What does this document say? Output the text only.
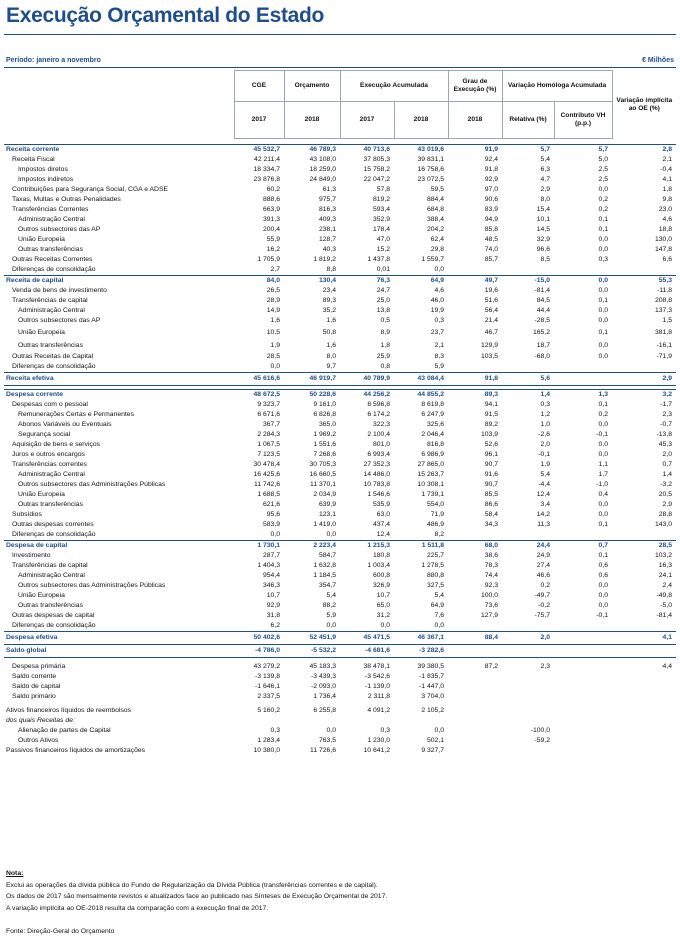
Execução Orçamental do Estado
Período: janeiro a novembro	€ Milhões
	CGE	Orçamento	Execução Acumulada		Grau de Execução (%)	Variação Homóloga Acumulada		Variação implícita ao OE (%)
	2017	2018	2017	2018	2018	Relativa (%)	Contributo VH (p.p.)	
Receita corrente	45 532,7	46 789,3	40 713,6	43 019,6	91,9	5,7	5,7	2,8
Receita Fiscal	42 211,4	43 108,0	37 805,3	39 831,1	92,4	5,4	5,0	2,1
Impostos diretos	18 334,7	18 259,0	15 758,2	16 758,6	91,8	6,3	2,5	-0,4
Impostos indiretos	23 876,8	24 849,0	22 047,2	23 072,5	92,9	4,7	2,5	4,1
Contribuições para Segurança Social, CGA e ADSE	60,2	61,3	57,8	59,5	97,0	2,9	0,0	1,8
Taxas, Multas e Outras Penalidades	888,6	975,7	819,2	884,4	90,6	8,0	0,2	9,8
Transferências Correntes	663,9	816,3	593,4	684,8	83,9	15,4	0,2	23,0
Administração Central	391,3	409,3	352,9	388,4	94,9	10,1	0,1	4,6
Outros subsectores das AP	200,4	238,1	178,4	204,2	85,8	14,5	0,1	18,8
União Europeia	55,9	128,7	47,0	62,4	48,5	32,9	0,0	130,0
Outras transferências	16,2	40,3	15,2	29,8	74,0	96,6	0,0	147,8
Outras Receitas Correntes	1 705,9	1 819,2	1 437,8	1 559,7	85,7	8,5	0,3	6,6
Diferenças de consolidação	2,7	8,8	0,01	0,0				
Receita de capital	84,0	130,4	76,3	64,9	49,7	-15,0	0,0	55,3
Venda de bens de investimento	26,5	23,4	24,7	4,6	19,6	-81,4	0,0	-11,8
Transferências de capital	28,9	89,3	25,0	46,0	51,6	84,5	0,1	208,8
Administração Central	14,9	35,2	13,8	19,9	56,4	44,4	0,0	137,3
Outros subsectores das AP	1,6	1,6	0,5	0,3	21,4	-28,5	0,0	1,5
União Europeia	10,5	50,8	8,9	23,7	46,7	165,2	0,1	381,8
Outras transferências	1,9	1,6	1,8	2,1	129,9	18,7	0,0	-16,1
Outras Receitas de Capital	28,5	8,0	25,9	8,3	103,5	-68,0	0,0	-71,9
Diferenças de consolidação	0,0	9,7	0,8	5,9				
Receita efetiva	45 616,6	46 919,7	40 789,9	43 084,4	91,8	5,6		2,9

Despesa corrente	48 672,5	50 228,6	44 256,2	44 855,2	89,3	1,4	1,3	3,2
Despesas com o pessoal	9 323,7	9 161,0	8 596,8	8 619,8	94,1	0,3	0,1	-1,7
Remunerações Certas e Permanentes	6 671,6	6 826,8	6 174,2	6 247,9	91,5	1,2	0,2	2,3
Abonos Variáveis ou Eventuais	367,7	365,0	322,3	325,6	89,2	1,0	0,0	-0,7
Segurança social	2 284,3	1 969,2	2 100,4	2 046,4	103,9	-2,6	-0,1	-13,8
Aquisição de bens e serviços	1 067,5	1 551,6	801,0	816,8	52,6	2,0	0,0	45,3
Juros e outros encargos	7 123,5	7 268,6	6 993,4	6 986,9	96,1	-0,1	0,0	2,0
Transferências correntes	30 478,4	30 705,3	27 352,3	27 865,0	90,7	1,9	1,1	0,7
Administração Central	16 425,6	16 660,5	14 486,0	15 263,7	91,6	5,4	1,7	1,4
Outros subsectores das Administrações Públicas	11 742,6	11 370,1	10 783,8	10 308,1	90,7	-4,4	-1,0	-3,2
União Europeia	1 688,5	2 034,9	1 546,6	1 739,1	85,5	12,4	0,4	20,5
Outras transferências	621,6	639,9	535,9	554,0	86,6	3,4	0,0	2,9
Subsídios	95,6	123,1	63,0	71,9	58,4	14,2	0,0	28,8
Outras despesas correntes	583,9	1 419,0	437,4	486,9	34,3	11,3	0,1	143,0
Diferenças de consolidação	0,0	0,0	12,4	8,2				
Despesa de capital	1 730,1	2 223,4	1 215,3	1 511,8	68,0	24,4	0,7	28,5
Investimento	287,7	584,7	180,8	225,7	38,6	24,9	0,1	103,2
Transferências de capital	1 404,3	1 632,8	1 003,4	1 278,5	78,3	27,4	0,6	16,3
Administração Central	954,4	1 184,5	600,8	880,8	74,4	46,6	0,6	24,1
Outros subsectores das Administrações Públicas	346,3	354,7	326,9	327,5	92,3	0,2	0,0	2,4
União Europeia	10,7	5,4	10,7	5,4	100,0	-49,7	0,0	-49,8
Outras transferências	92,9	88,2	65,0	64,9	73,6	-0,2	0,0	-5,0
Outras despesas de capital	31,8	5,9	31,2	7,6	127,9	-75,7	-0,1	-81,4
Diferenças de consolidação	6,2	0,0	0,0	0,0				
Despesa efetiva	50 402,6	52 451,9	45 471,5	46 367,1	88,4	2,0		4,1
Saldo global	-4 786,0	-5 532,2	-4 681,6	-3 282,6				

Despesa primária	43 279,2	45 183,3	38 478,1	39 380,5	87,2	2,3		4,4
Saldo corrente	-3 139,8	-3 439,3	-3 542,6	-1 835,7				
Saldo de capital	-1 646,1	-2 093,0	-1 139,0	-1 447,0				
Saldo primário	2 337,5	1 736,4	2 311,8	3 704,0				

Ativos financeiros líquidos de reembolsos	5 160,2	6 255,8	4 091,2	2 105,2				
dos quais Receitas de:								
Alienação de partes de Capital	0,3	0,0	0,3	0,0		-100,0		
Outros Ativos	1 283,4	763,5	1 230,0	502,1		-59,2		
Passivos financeiros líquidos de amortizações	10 380,0	11 726,6	10 641,2	9 327,7				
Nota:
Exclui as operações da dívida pública do Fundo de Regularização da Dívida Pública (transferências correntes e de capital).
Os dados de 2017 são mensalmente revistos e atualizados face ao publicado nas Sínteses de Execução Orçamental de 2017.
A variação implícita ao OE-2018 resulta da comparação com a execução final de 2017.
Fonte: Direção-Geral do Orçamento
